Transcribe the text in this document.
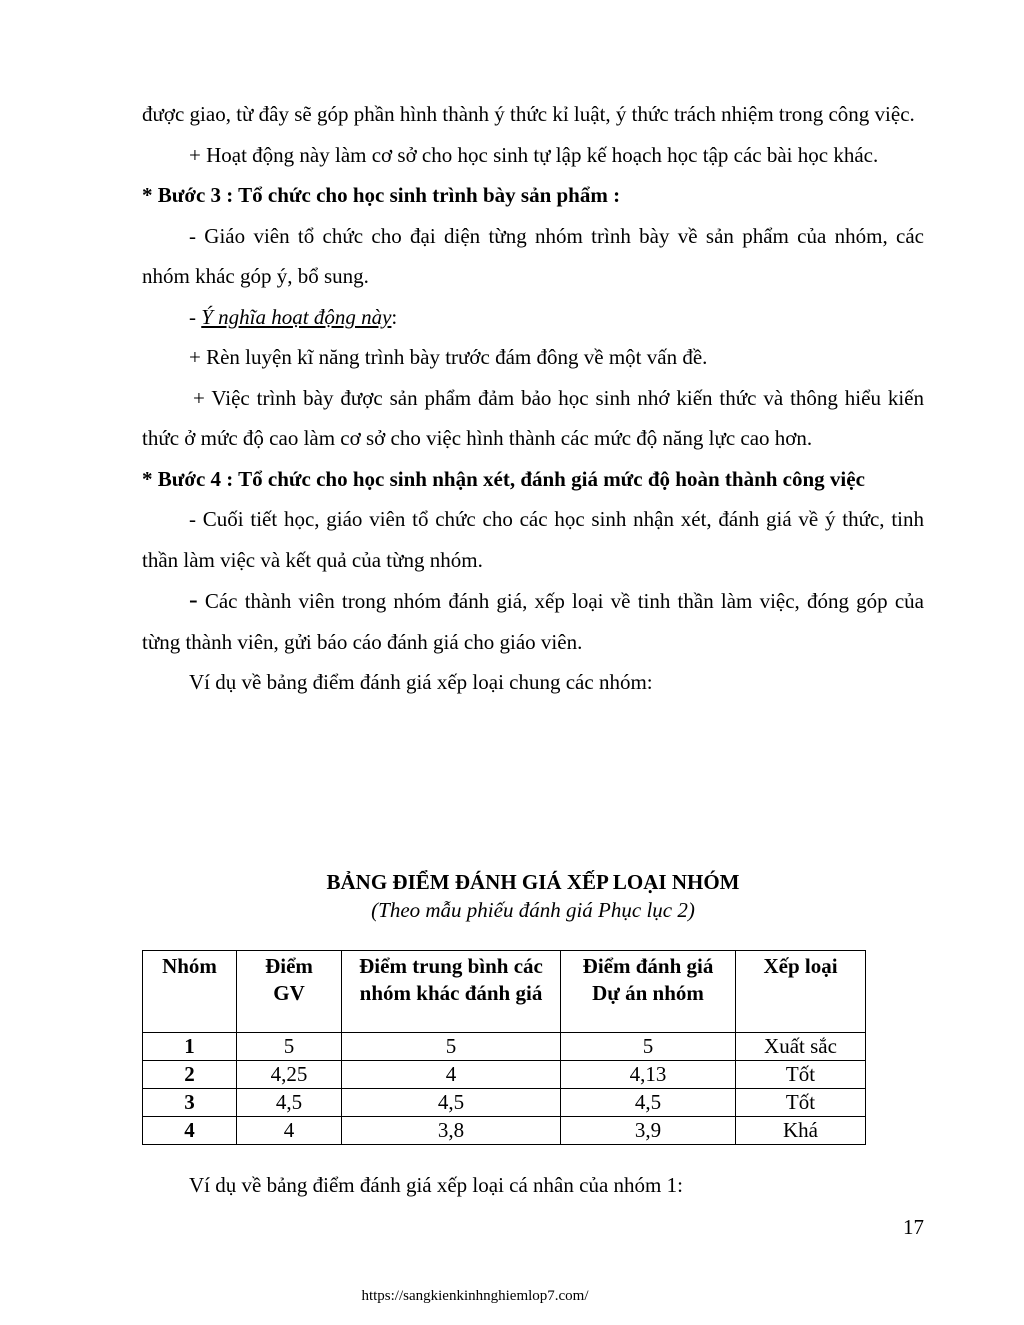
được giao, từ đây sẽ góp phần hình thành ý thức kỉ luật, ý thức trách nhiệm trong công việc.

+ Hoạt động này làm cơ sở cho học sinh tự lập kế hoạch học tập các bài học khác.

* Bước 3 : Tổ chức cho học sinh trình bày sản phẩm :

- Giáo viên tổ chức cho đại diện từng nhóm trình bày về sản phẩm của nhóm, các nhóm khác góp ý, bổ sung.

- Ý nghĩa hoạt động này:

+ Rèn luyện kĩ năng trình bày trước đám đông về một vấn đề.

+ Việc trình bày được sản phẩm đảm bảo học sinh nhớ kiến thức và thông hiểu kiến thức ở mức độ cao làm cơ sở cho việc hình thành các mức độ năng lực cao hơn.

* Bước 4 : Tổ chức cho học sinh nhận xét, đánh giá mức độ hoàn thành công việc

- Cuối tiết học, giáo viên tổ chức cho các học sinh nhận xét, đánh giá về ý thức, tinh thần làm việc và kết quả của từng nhóm.

- Các thành viên trong nhóm đánh giá, xếp loại về tinh thần làm việc, đóng góp của từng thành viên, gửi báo cáo đánh giá cho giáo viên.

Ví dụ về bảng điểm đánh giá xếp loại chung các nhóm:

BẢNG ĐIỂM ĐÁNH GIÁ XẾP LOẠI NHÓM
(Theo mẫu phiếu đánh giá Phục lục 2)
Nhóm	Điểm GV	Điểm trung bình các nhóm khác đánh giá	Điểm đánh giá Dự án nhóm	Xếp loại
1	5	5	5	Xuất sắc
2	4,25	4	4,13	Tốt
3	4,5	4,5	4,5	Tốt
4	4	3,8	3,9	Khá
Ví dụ về bảng điểm đánh giá xếp loại cá nhân của nhóm 1:
17
https://sangkienkinhnghiemlop7.com/
